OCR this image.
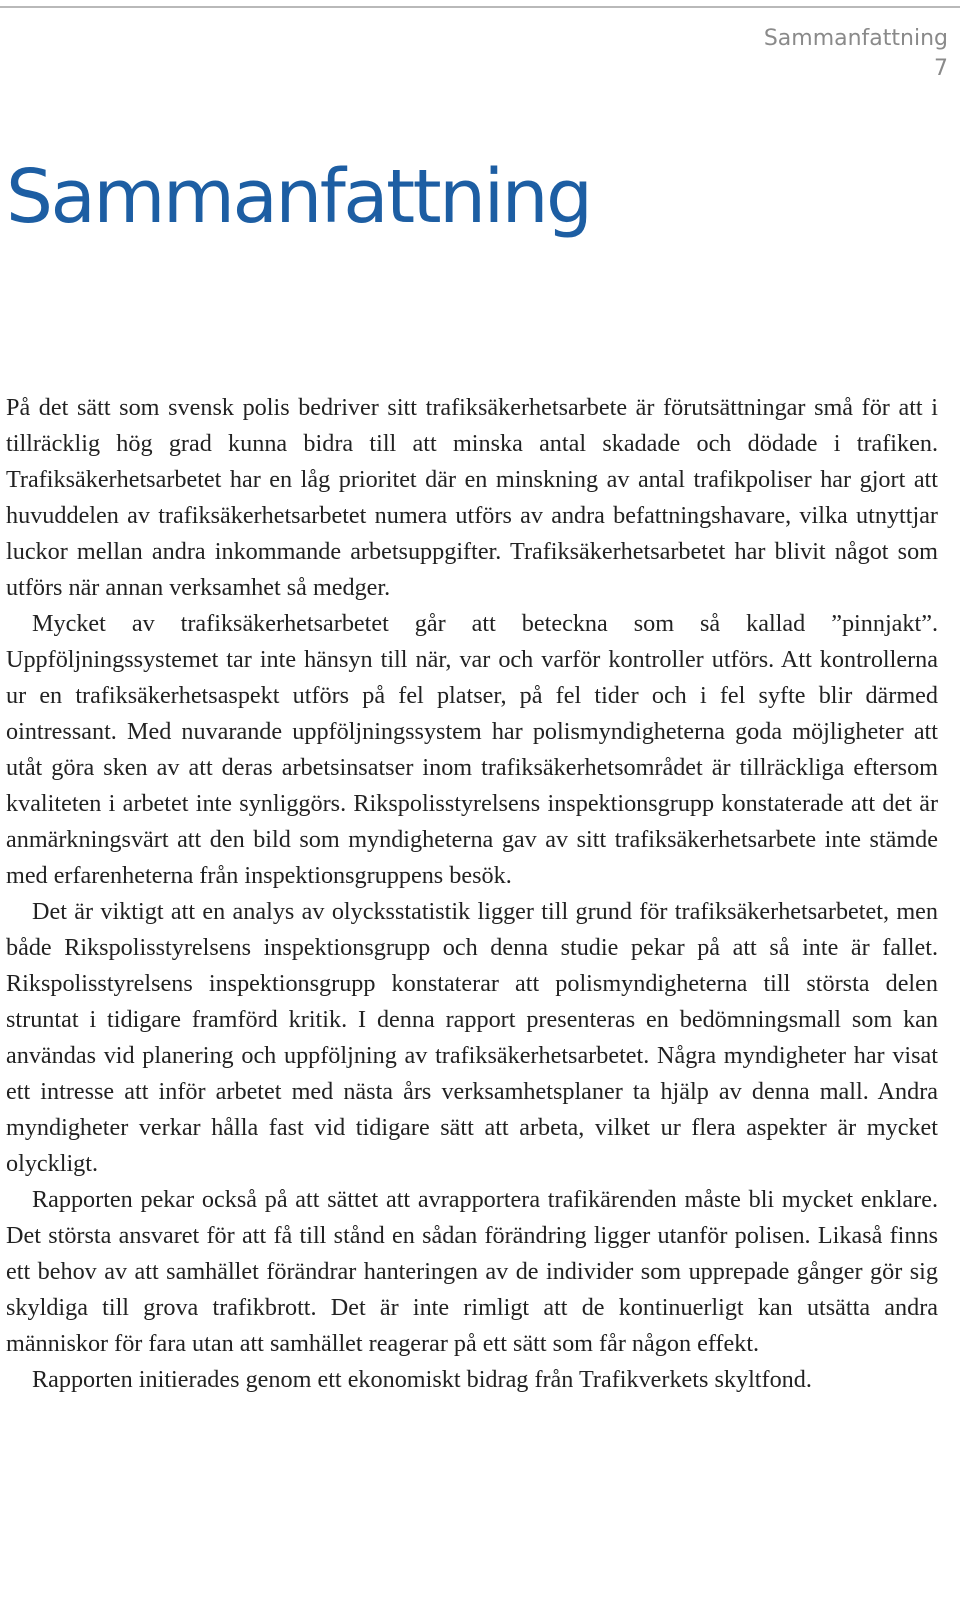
Sammanfattning
7
Sammanfattning

På det sätt som svensk polis bedriver sitt trafiksäkerhetsarbete är förutsättningar små för att i tillräcklig hög grad kunna bidra till att minska antal skadade och dödade i trafiken. Trafiksäkerhetsarbetet har en låg prioritet där en minskning av antal trafikpoliser har gjort att huvuddelen av trafiksäkerhetsarbetet numera utförs av andra befattningshavare, vilka utnyttjar luckor mellan andra inkommande arbetsuppgifter. Trafiksäkerhetsarbetet har blivit något som utförs när annan verksamhet så medger.

Mycket av trafiksäkerhetsarbetet går att beteckna som så kallad ”pinnjakt”. Uppföljningssystemet tar inte hänsyn till när, var och varför kontroller utförs. Att kontrollerna ur en trafiksäkerhetsaspekt utförs på fel platser, på fel tider och i fel syfte blir därmed ointressant. Med nuvarande uppföljningssystem har polismyndigheterna goda möjligheter att utåt göra sken av att deras arbetsinsatser inom trafiksäkerhetsområdet är tillräckliga eftersom kvaliteten i arbetet inte synliggörs. Rikspolisstyrelsens inspektionsgrupp konstaterade att det är anmärkningsvärt att den bild som myndigheterna gav av sitt trafiksäkerhetsarbete inte stämde med erfarenheterna från inspektionsgruppens besök.

Det är viktigt att en analys av olycksstatistik ligger till grund för trafiksäkerhetsarbetet, men både Rikspolisstyrelsens inspektionsgrupp och denna studie pekar på att så inte är fallet. Rikspolisstyrelsens inspektionsgrupp konstaterar att polismyndigheterna till största delen struntat i tidigare framförd kritik. I denna rapport presenteras en bedömningsmall som kan användas vid planering och uppföljning av trafiksäkerhetsarbetet. Några myndigheter har visat ett intresse att inför arbetet med nästa års verksamhetsplaner ta hjälp av denna mall. Andra myndigheter verkar hålla fast vid tidigare sätt att arbeta, vilket ur flera aspekter är mycket olyckligt.

Rapporten pekar också på att sättet att avrapportera trafikärenden måste bli mycket enklare. Det största ansvaret för att få till stånd en sådan förändring ligger utanför polisen. Likaså finns ett behov av att samhället förändrar hanteringen av de individer som upprepade gånger gör sig skyldiga till grova trafikbrott. Det är inte rimligt att de kontinuerligt kan utsätta andra människor för fara utan att samhället reagerar på ett sätt som får någon effekt.

Rapporten initierades genom ett ekonomiskt bidrag från Trafikverkets skyltfond.
